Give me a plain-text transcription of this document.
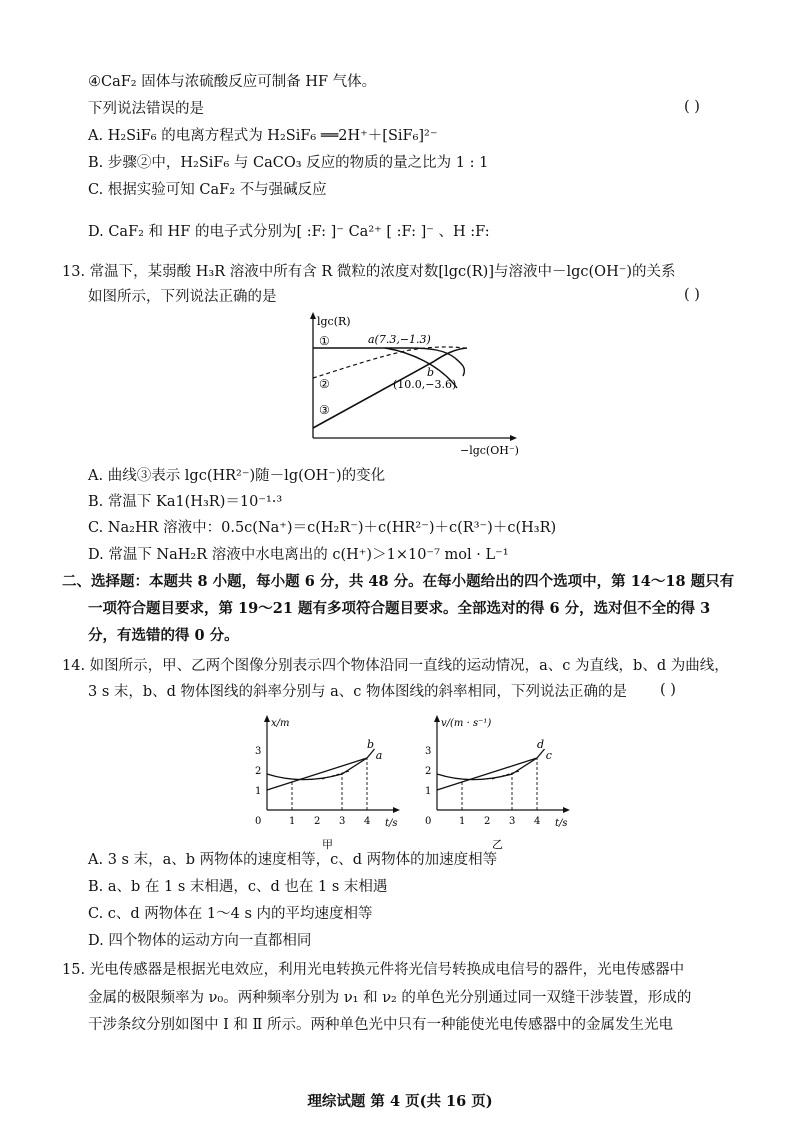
④CaF₂ 固体与浓硫酸反应可制备 HF 气体。
下列说法错误的是	( )
A. H₂SiF₆ 的电离方程式为 H₂SiF₆ ══2H⁺＋[SiF₆]²⁻
B. 步骤②中，H₂SiF₆ 与 CaCO₃ 反应的物质的量之比为 1 : 1
C. 根据实验可知 CaF₂ 不与强碱反应
D. CaF₂ 和 HF 的电子式分别为[ :F: ]⁻ Ca²⁺ [ :F: ]⁻ 、H :F:
13. 常温下，某弱酸 H₃R 溶液中所有含 R 微粒的浓度对数[lgc(R)]与溶液中－lgc(OH⁻)的关系
如图所示，下列说法正确的是	( )
lgc(R)
−lgc(OH⁻)
①
②
③
a(7.3,−1.3)
b
(10.0,−3.6)
A. 曲线③表示 lgc(HR²⁻)随－lg(OH⁻)的变化
B. 常温下 Ka1(H₃R)＝10⁻¹·³
C. Na₂HR 溶液中：0.5c(Na⁺)＝c(H₂R⁻)＋c(HR²⁻)＋c(R³⁻)＋c(H₃R)
D. 常温下 NaH₂R 溶液中水电离出的 c(H⁺)＞1×10⁻⁷ mol · L⁻¹
二、选择题：本题共 8 小题，每小题 6 分，共 48 分。在每小题给出的四个选项中，第 14～18 题只有
一项符合题目要求，第 19～21 题有多项符合题目要求。全部选对的得 6 分，选对但不全的得 3
分，有选错的得 0 分。
14. 如图所示，甲、乙两个图像分别表示四个物体沿同一直线的运动情况，a、c 为直线，b、d 为曲线，
3 s 末，b、d 物体图线的斜率分别与 a、c 物体图线的斜率相同，下列说法正确的是 ( )
x/m
t/s
0	1 2 3 4
1
2
3	a
b
甲
v/(m · s⁻¹)
t/s
0	1 2 3 4
1
2
3	c
d
乙
A. 3 s 末，a、b 两物体的速度相等，c、d 两物体的加速度相等
B. a、b 在 1 s 末相遇，c、d 也在 1 s 末相遇
C. c、d 两物体在 1～4 s 内的平均速度相等
D. 四个物体的运动方向一直都相同
15. 光电传感器是根据光电效应，利用光电转换元件将光信号转换成电信号的器件，光电传感器中
金属的极限频率为 ν₀。两种频率分别为 ν₁ 和 ν₂ 的单色光分别通过同一双缝干涉装置，形成的
干涉条纹分别如图中 Ⅰ 和 Ⅱ 所示。两种单色光中只有一种能使光电传感器中的金属发生光电
理综试题 第 4 页(共 16 页)
